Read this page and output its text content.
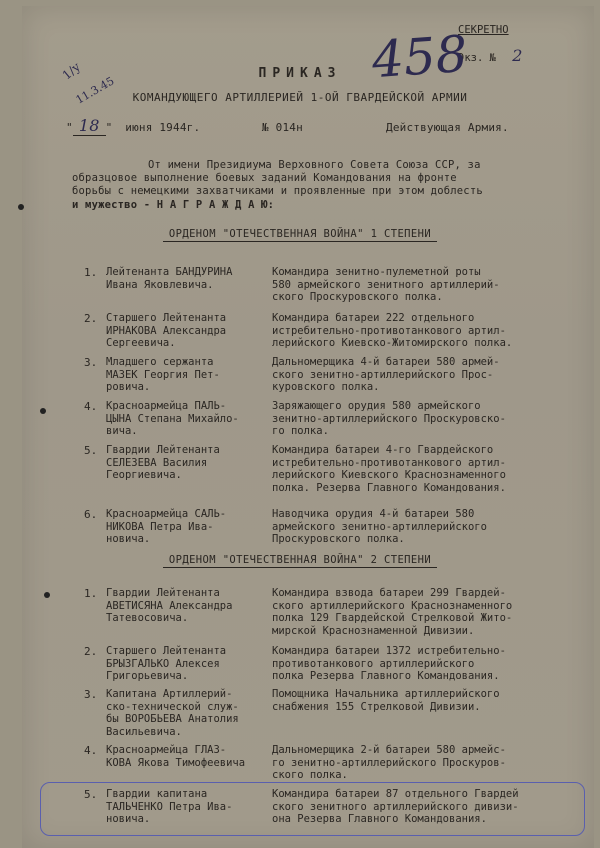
СЕКРЕТНО
Экз. № 2
458
1/у
11.3.45
ПРИКАЗ
КОМАНДУЮЩЕГО АРТИЛЛЕРИЕЙ 1-ОЙ ГВАРДЕЙСКОЙ АРМИИ
" 18 " июня 1944г.	№ 014н	Действующая Армия.
От имени Президиума Верховного Совета Союза ССР, за
образцовое выполнение боевых заданий Командования на фронте
борьбы с немецкими захватчиками и проявленные при этом доблесть
и мужество - Н А Г Р А Ж Д А Ю:
ОРДЕНОМ "ОТЕЧЕСТВЕННАЯ ВОЙНА" 1 СТЕПЕНИ
1. Лейтенанта БАНДУРИНА
Ивана Яковлевича.
Командира зенитно-пулеметной роты
580 армейского зенитного артиллерий-
ского Проскуровского полка.
2. Старшего Лейтенанта
ИРНАКОВА Александра
Сергеевича.
Командира батареи 222 отдельного
истребительно-противотанкового артил-
лерийского Киевско-Житомирского полка.
3. Младшего сержанта
МАЗЕК Георгия Пет-
ровича.
Дальномерщика 4-й батареи 580 армей-
ского зенитно-артиллерийского Прос-
куровского полка.
4. Красноармейца ПАЛЬ-
ЦЫНА Степана Михайло-
вича.
Заряжающего орудия 580 армейского
зенитно-артиллерийского Проскуровско-
го полка.
5. Гвардии Лейтенанта
СЕЛЕЗЕВА Василия
Георгиевича.
Командира батареи 4-го Гвардейского
истребительно-противотанкового артил-
лерийского Киевского Краснознаменного
полка. Резерва Главного Командования.
6. Красноармейца САЛЬ-
НИКОВА Петра Ива-
новича.
Наводчика орудия 4-й батареи 580
армейского зенитно-артиллерийского
Проскуровского полка.
ОРДЕНОМ "ОТЕЧЕСТВЕННАЯ ВОЙНА" 2 СТЕПЕНИ
1. Гвардии Лейтенанта
АВЕТИСЯНА Александра
Татевосовича.
Командира взвода батареи 299 Гвардей-
ского артиллерийского Краснознаменного
полка 129 Гвардейской Стрелковой Жито-
мирской Краснознаменной Дивизии.
2. Старшего Лейтенанта
БРЫЗГАЛЬКО Алексея
Григорьевича.
Командира батареи 1372 истребительно-
противотанкового артиллерийского
полка Резерва Главного Командования.
3. Капитана Артиллерий-
ско-технической служ-
бы ВОРОБЬЕВА Анатолия
Васильевича.
Помощника Начальника артиллерийского
снабжения 155 Стрелковой Дивизии.
4. Красноармейца ГЛАЗ-
КОВА Якова Тимофеевича
Дальномерщика 2-й батареи 580 армейс-
го зенитно-артиллерийского Проскуров-
ского полка.
5. Гвардии капитана
ТАЛЬЧЕНКО Петра Ива-
новича.
Командира батареи 87 отдельного Гвардей
ского зенитного артиллерийского дивизи-
она Резерва Главного Командования.
